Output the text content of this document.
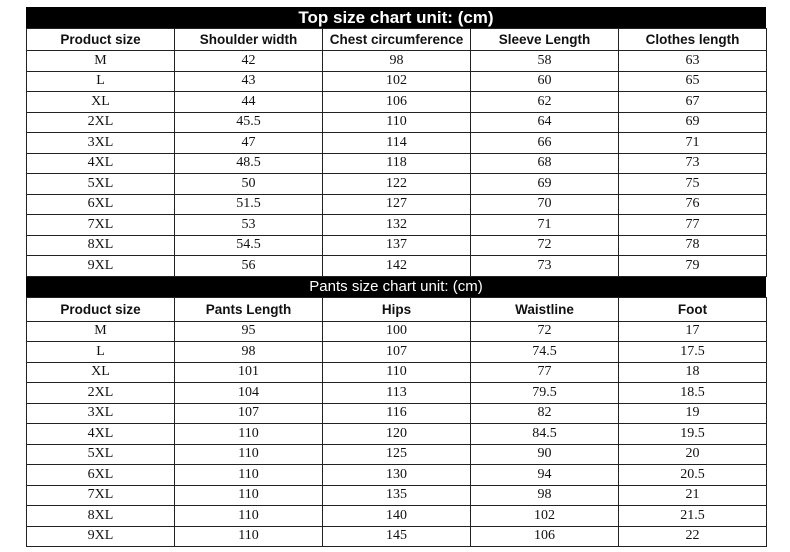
Top size chart unit: (cm)
Product size	Shoulder width	Chest circumference	Sleeve Length	Clothes length
M	42	98	58	63
L	43	102	60	65
XL	44	106	62	67
2XL	45.5	110	64	69
3XL	47	114	66	71
4XL	48.5	118	68	73
5XL	50	122	69	75
6XL	51.5	127	70	76
7XL	53	132	71	77
8XL	54.5	137	72	78
9XL	56	142	73	79
Pants size chart unit: (cm)
Product size	Pants Length	Hips	Waistline	Foot
M	95	100	72	17
L	98	107	74.5	17.5
XL	101	110	77	18
2XL	104	113	79.5	18.5
3XL	107	116	82	19
4XL	110	120	84.5	19.5
5XL	110	125	90	20
6XL	110	130	94	20.5
7XL	110	135	98	21
8XL	110	140	102	21.5
9XL	110	145	106	22
